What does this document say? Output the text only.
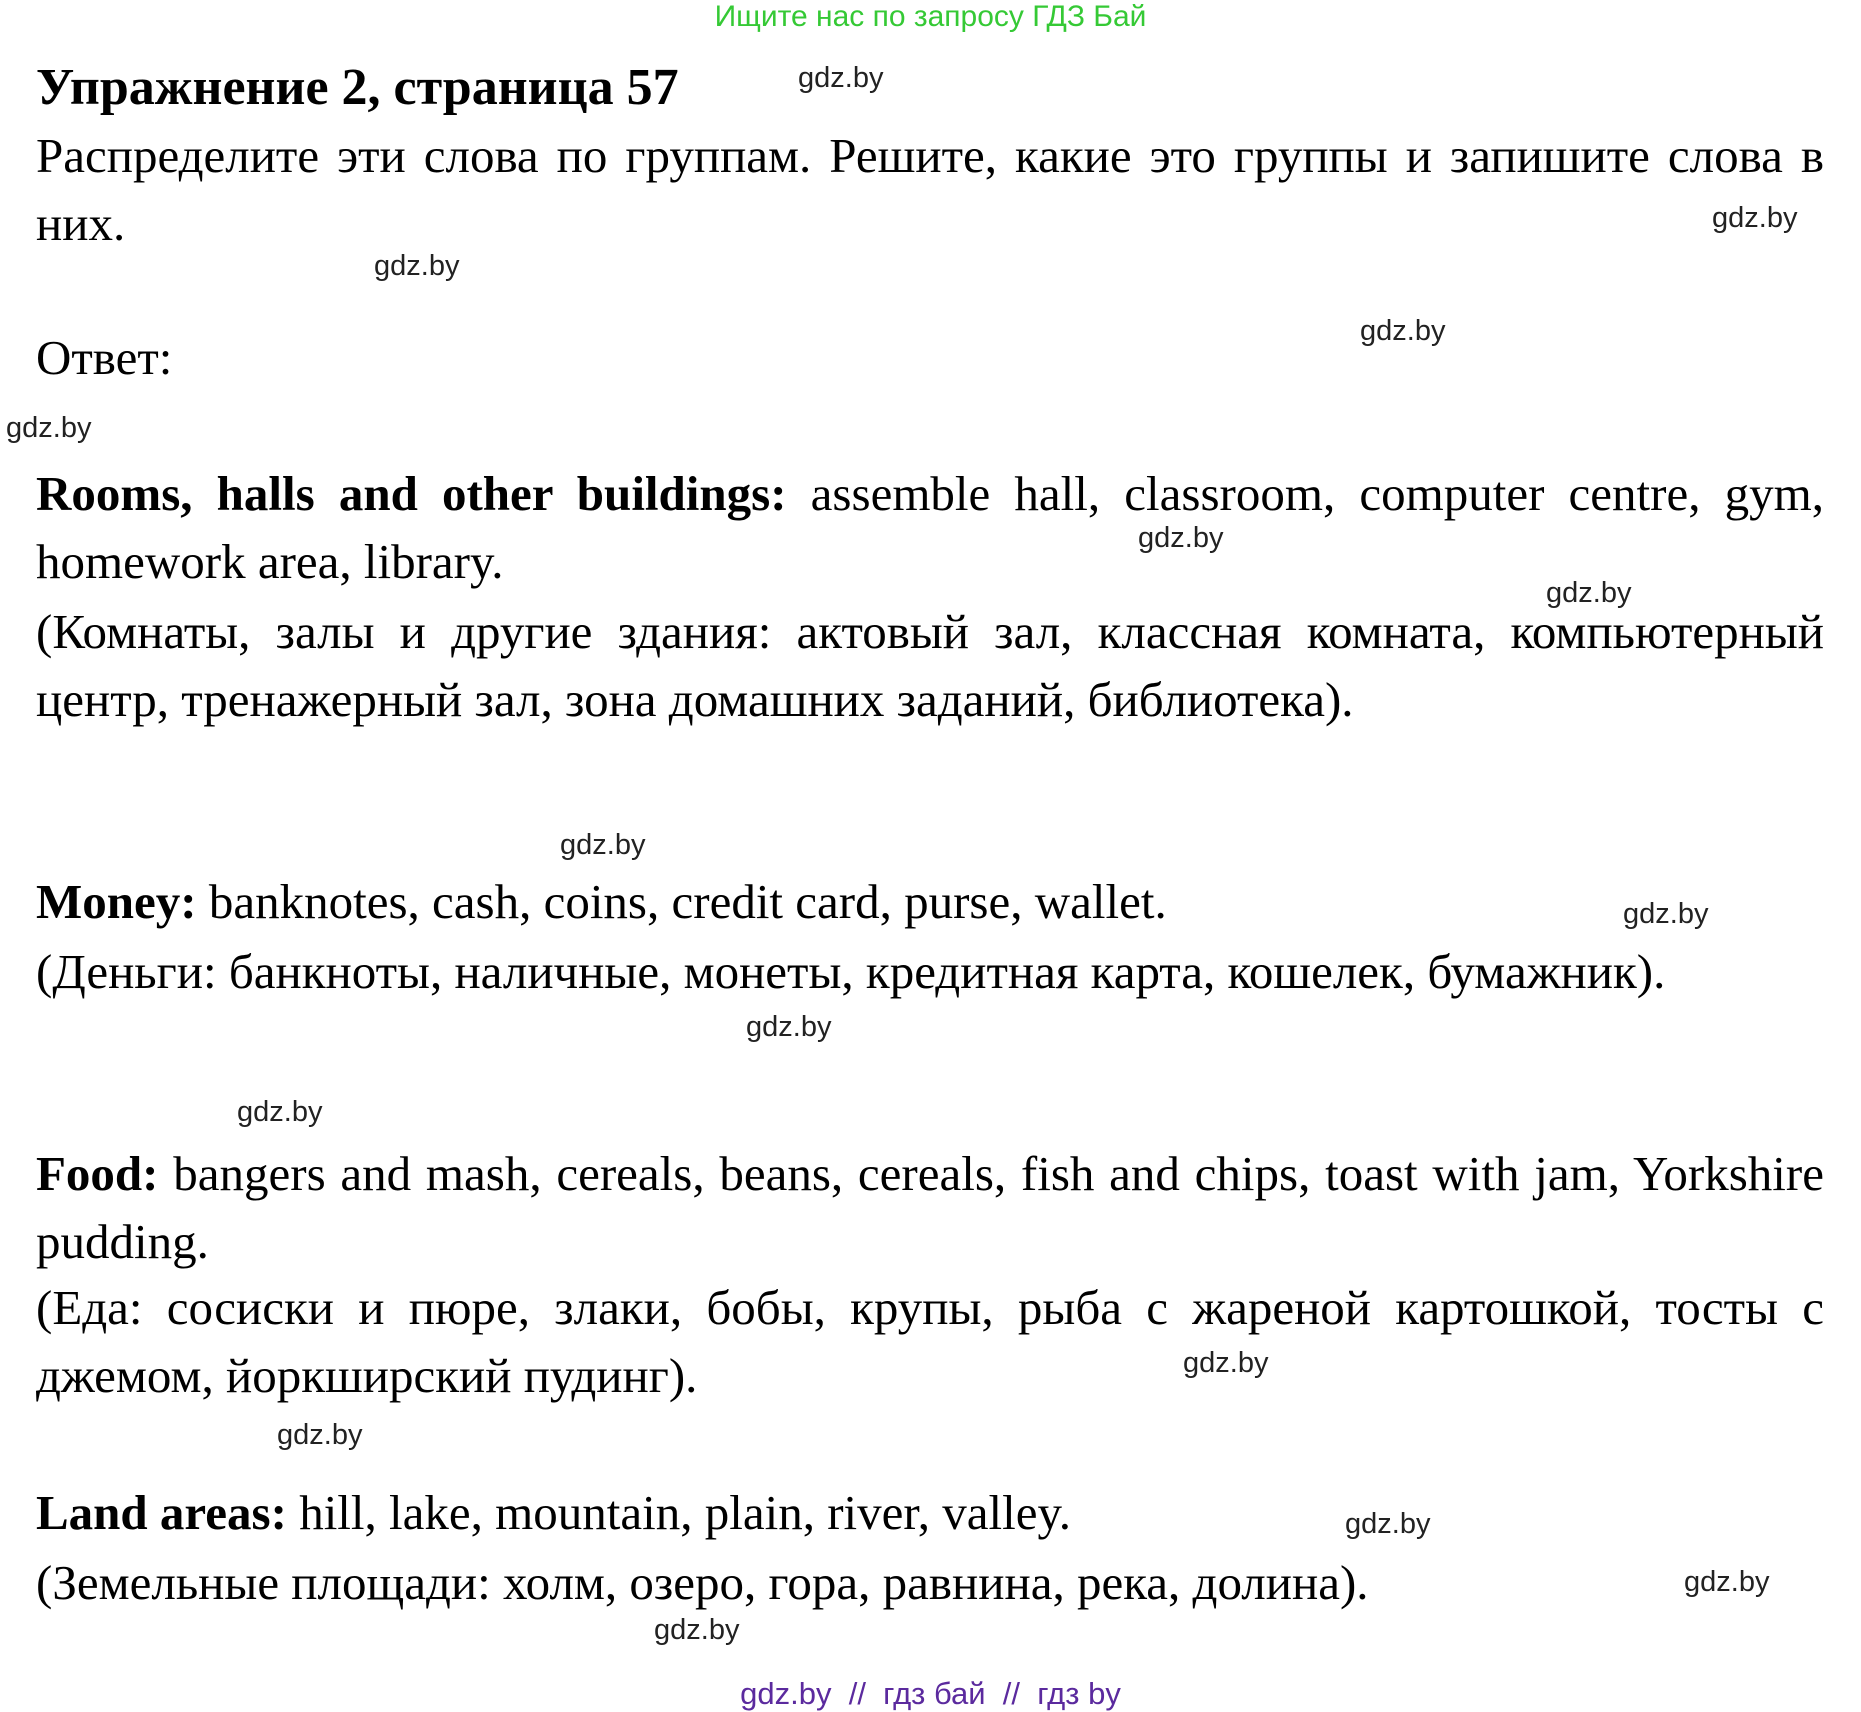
Ищите нас по запросу ГДЗ Бай
Упражнение 2, страница 57
Распределите эти слова по группам. Решите, какие это группы и запишите слова в них.
Ответ:
Rooms, halls and other buildings: assemble hall, classroom, computer centre, gym, homework area, library.
(Комнаты, залы и другие здания: актовый зал, классная комната, компьютерный центр, тренажерный зал, зона домашних заданий, библиотека).
Money: banknotes, cash, coins, credit card, purse, wallet.
(Деньги: банкноты, наличные, монеты, кредитная карта, кошелек, бумажник).
Food: bangers and mash, cereals, beans, cereals, fish and chips, toast with jam, Yorkshire pudding.
(Еда: сосиски и пюре, злаки, бобы, крупы, рыба с жареной картошкой, тосты с джемом, йоркширский пудинг).
Land areas: hill, lake, mountain, plain, river, valley.
(Земельные площади: холм, озеро, гора, равнина, река, долина).
gdz.by
gdz.by
gdz.by
gdz.by
gdz.by
gdz.by
gdz.by
gdz.by
gdz.by
gdz.by
gdz.by
gdz.by
gdz.by
gdz.by
gdz.by
gdz.by
gdz.by  //  гдз бай  //  гдз by
